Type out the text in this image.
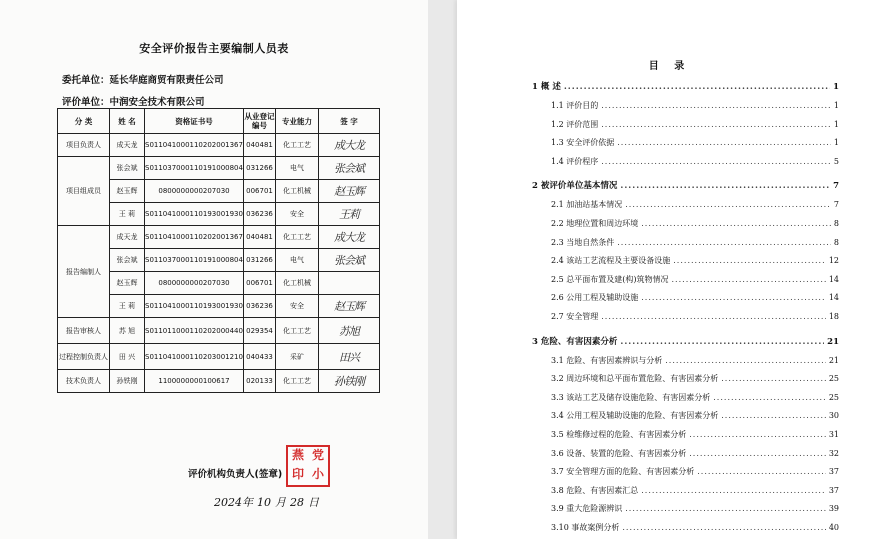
安全评价报告主要编制人员表
委托单位：延长华庭商贸有限责任公司
评价单位：中润安全技术有限公司
分 类	姓 名	资格证书号	从业登记编号	专业能力	签 字
项目负责人	成天龙	S011041000110202001367	040481	化工工艺	成大龙
项目组成员	张会斌	S011037000110191000804	031266	电气	张会斌
	赵玉辉	0800000000207030	006701	化工机械	赵玉辉
	王 莉	S011041000110193001930	036236	安全	王莉
报告编制人	成天龙	S011041000110202001367	040481	化工工艺	成大龙
	张会斌	S011037000110191000804	031266	电气	张会斌
	赵玉辉	0800000000207030	006701	化工机械	
	王 莉	S011041000110193001930	036236	安全	赵玉辉
报告审核人	苏 旭	S011011000110202000440	029354	化工工艺	苏旭
过程控制负责人	田 兴	S011041000110203001210	040433	采矿	田兴
技术负责人	孙铁刚	1100000000100617	020133	化工工艺	孙铁刚
评价机构负责人(签章)
燕 党
印 小
2024年 10 月 28 日
目 录
1 概 述 .....	1
1.1 评价目的 .....	1
1.2 评价范围 .....	1
1.3 安全评价依据 .....	1
1.4 评价程序 .....	5
2 被评价单位基本情况 .....	7
2.1 加油站基本情况 .....	7
2.2 地理位置和周边环境 .....	8
2.3 当地自然条件 .....	8
2.4 该站工艺流程及主要设备设施 .....	12
2.5 总平面布置及建(构)筑物情况 .....	14
2.6 公用工程及辅助设施 .....	14
2.7 安全管理 .....	18
3 危险、有害因素分析 .....	21
3.1 危险、有害因素辨识与分析 .....	21
3.2 周边环境和总平面布置危险、有害因素分析 .....	25
3.3 该站工艺及储存设施危险、有害因素分析 .....	25
3.4 公用工程及辅助设施的危险、有害因素分析 .....	30
3.5 检维修过程的危险、有害因素分析 .....	31
3.6 设备、装置的危险、有害因素分析 .....	32
3.7 安全管理方面的危险、有害因素分析 .....	37
3.8 危险、有害因素汇总 .....	37
3.9 重大危险源辨识 .....	39
3.10 事故案例分析 .....	40
